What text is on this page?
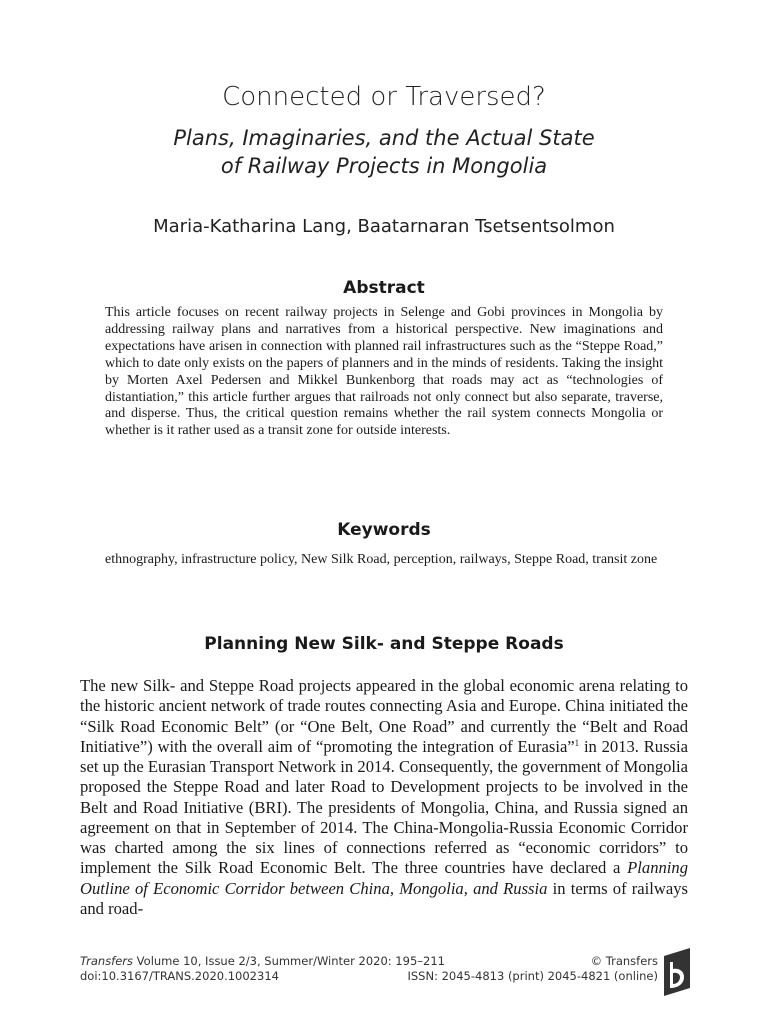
Connected or Traversed?
Plans, Imaginaries, and the Actual State
of Railway Projects in Mongolia
Maria-Katharina Lang, Baatarnaran Tsetsentsolmon
Abstract

This article focuses on recent railway projects in Selenge and Gobi provinces in Mongolia by addressing railway plans and narratives from a historical perspective. New imaginations and expectations have arisen in connection with planned rail infrastructures such as the “Steppe Road,” which to date only exists on the papers of planners and in the minds of residents. Taking the insight by Morten Axel Pedersen and Mikkel Bunkenborg that roads may act as “technologies of distantiation,” this article further argues that railroads not only connect but also separate, traverse, and disperse. Thus, the critical question remains whether the rail system connects Mongolia or whether is it rather used as a transit zone for outside interests.

Keywords

ethnography, infrastructure policy, New Silk Road, perception, railways, Steppe Road, transit zone

Planning New Silk- and Steppe Roads

The new Silk- and Steppe Road projects appeared in the global economic arena relating to the historic ancient network of trade routes connecting Asia and Europe. China initiated the “Silk Road Economic Belt” (or “One Belt, One Road” and currently the “Belt and Road Initiative”) with the overall aim of “promoting the integration of Eurasia”$^1$ in 2013. Russia set up the Eurasian Transport Network in 2014. Consequently, the government of Mongolia proposed the Steppe Road and later Road to Development projects to be involved in the Belt and Road Initiative (BRI). The presidents of Mongolia, China, and Russia signed an agreement on that in September of 2014. The China-Mongolia-Russia Economic Corridor was charted among the six lines of connections referred as “economic corridors” to implement the Silk Road Economic Belt. The three countries have declared a Planning Outline of Economic Corridor between China, Mongolia, and Russia in terms of railways and road-

Transfers Volume 10, Issue 2/3, Summer/Winter 2020: 195–211	© Transfers
doi:10.3167/TRANS.2020.1002314	ISSN: 2045-4813 (print) 2045-4821 (online)
